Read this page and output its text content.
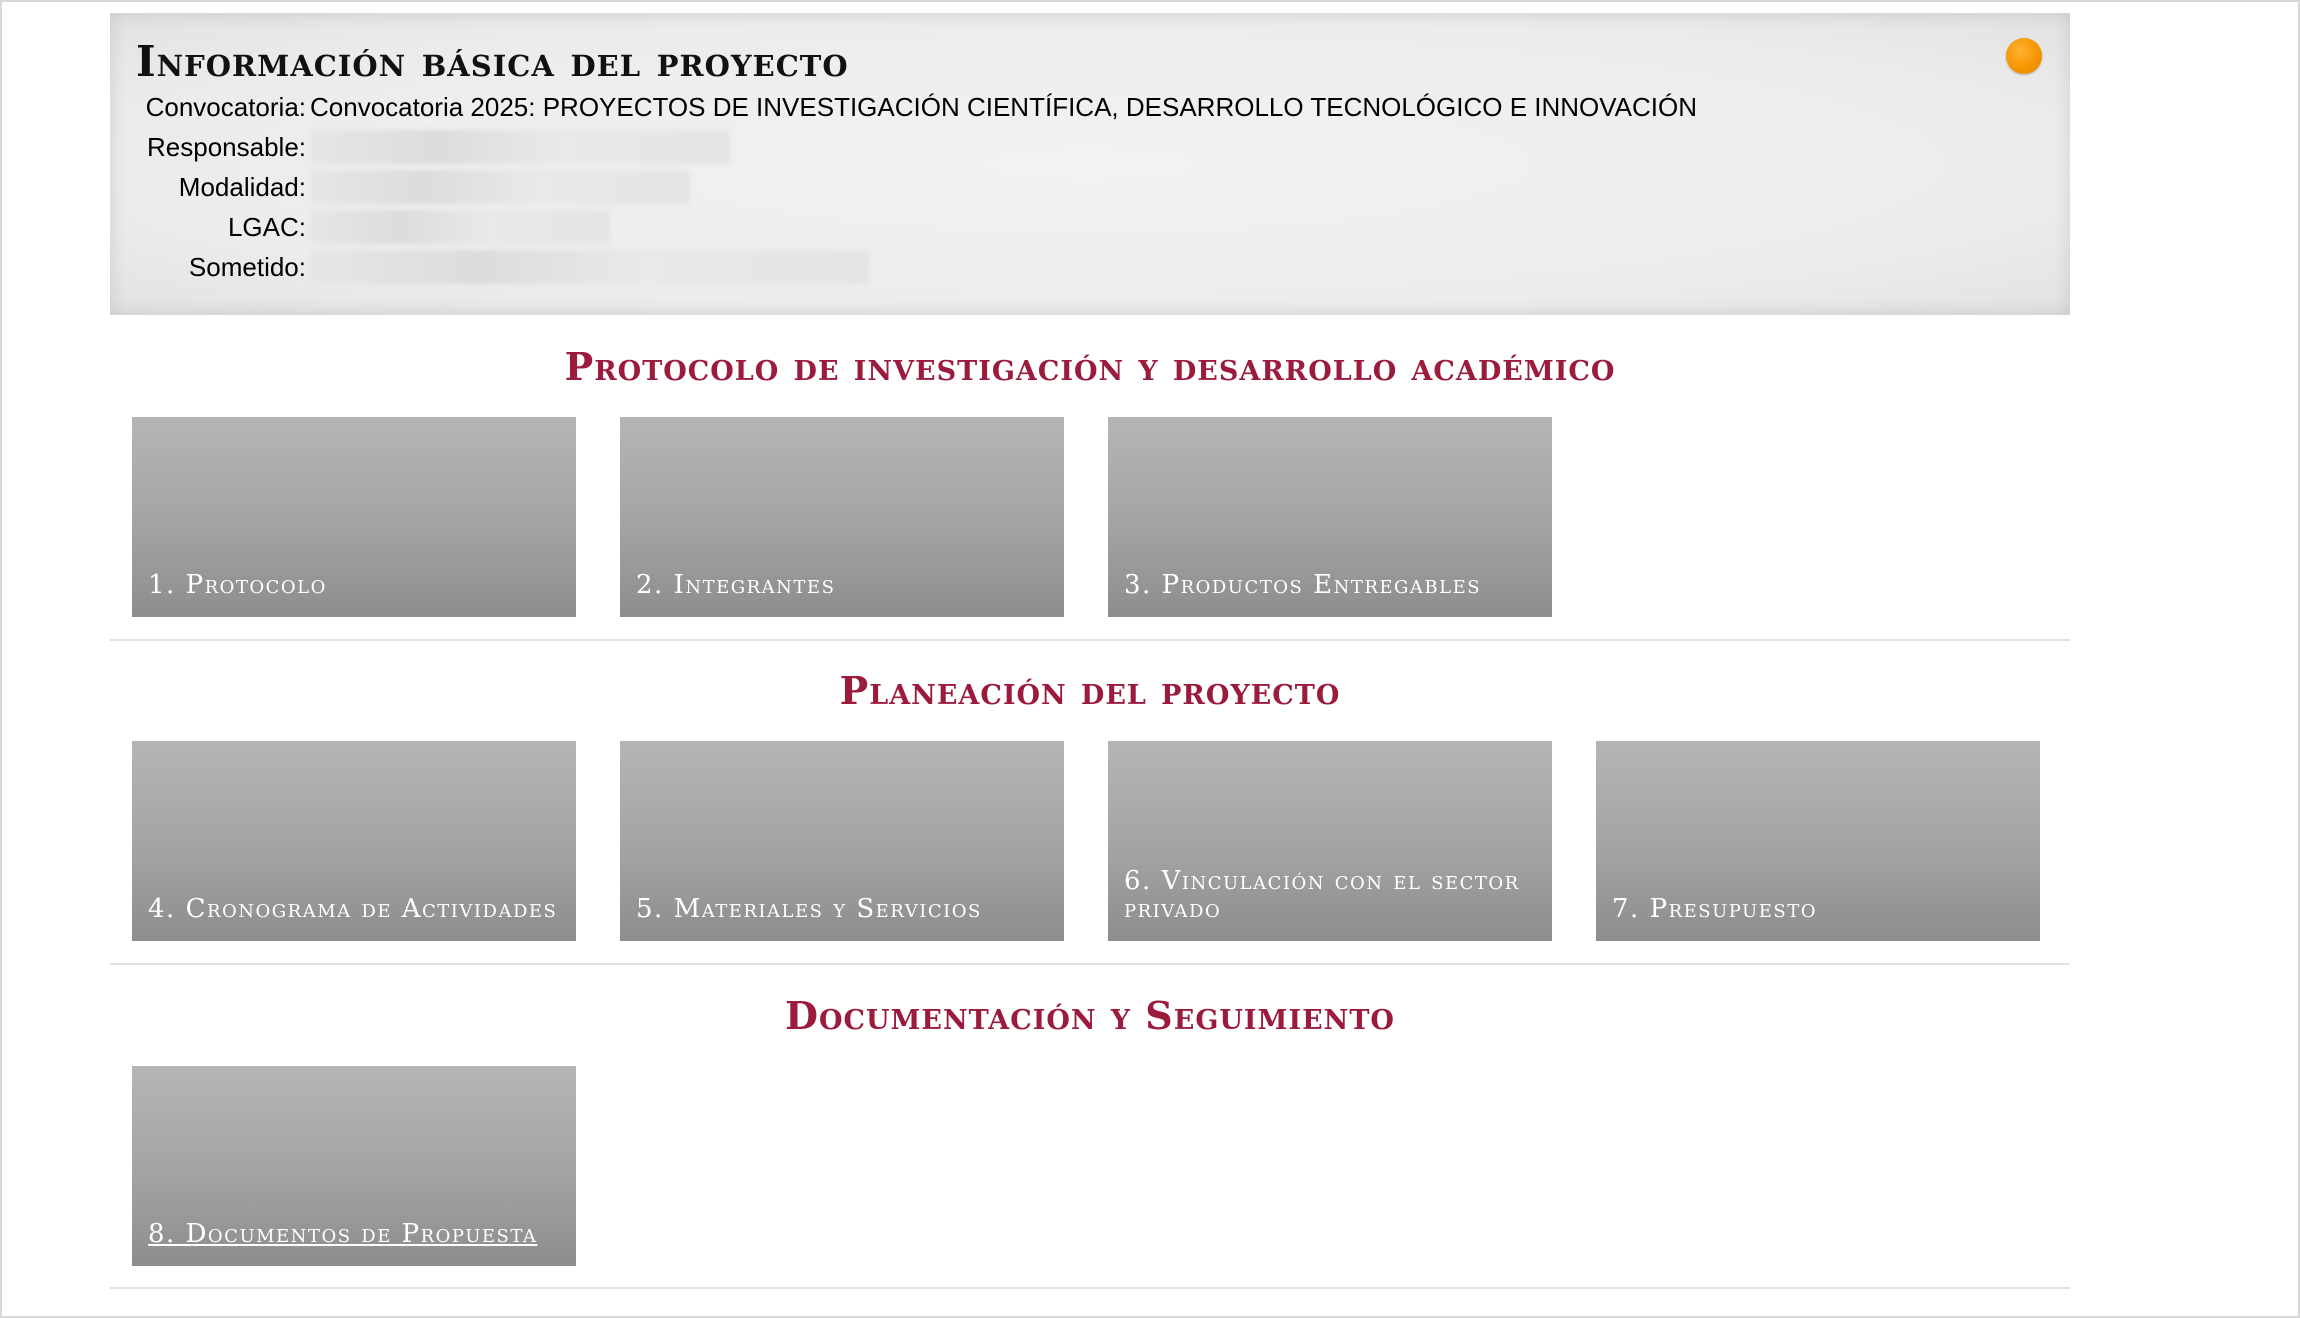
Información básica del proyecto
Convocatoria: Convocatoria 2025: PROYECTOS DE INVESTIGACIÓN CIENTÍFICA, DESARROLLO TECNOLÓGICO E INNOVACIÓN
Responsable:
Modalidad:
LGAC:
Sometido:
Protocolo de investigación y desarrollo académico
1. Protocolo	2. Integrantes	3. Productos Entregables
Planeación del proyecto
4. Cronograma de Actividades	5. Materiales y Servicios
6. Vinculación con el sector privado	7. Presupuesto
Documentación y Seguimiento
8. Documentos de Propuesta
